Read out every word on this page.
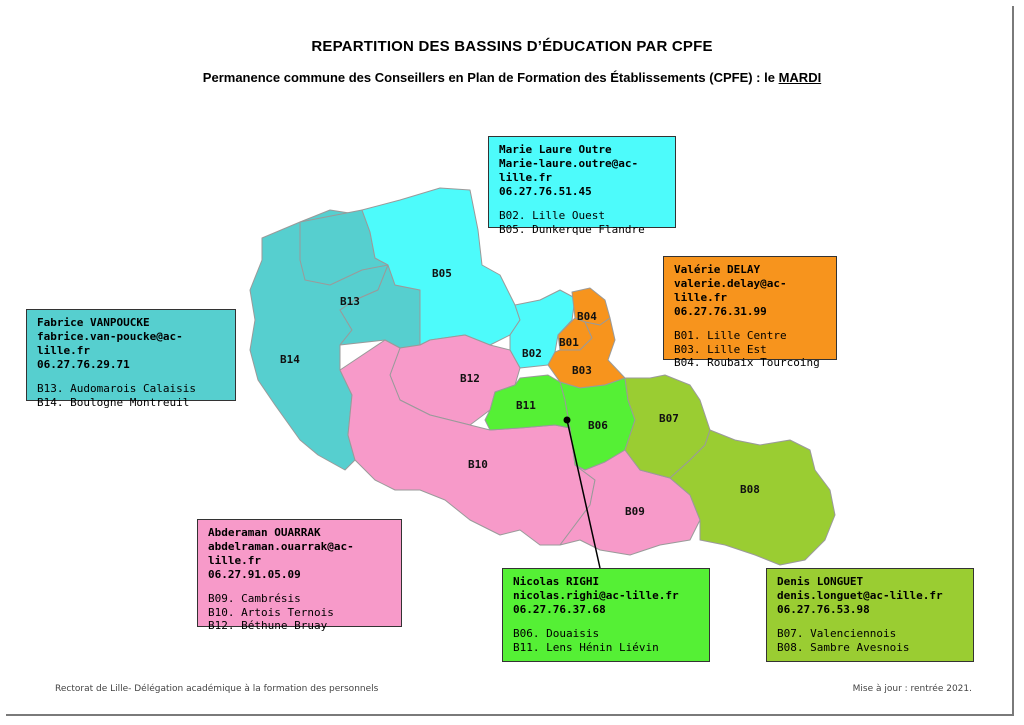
REPARTITION DES BASSINS D’ÉDUCATION PAR CPFE
Permanence commune des Conseillers en Plan de Formation des Établissements (CPFE) : le MARDI
B05
B13
B14
B04
B01
B02
B03
B12
B11
B06
B07
B10
B08
B09
Marie Laure Outre
Marie-laure.outre@ac-lille.fr
06.27.76.51.45
B02. Lille Ouest
B05. Dunkerque Flandre
Valérie DELAY
valerie.delay@ac-lille.fr
06.27.76.31.99
B01. Lille Centre
B03. Lille Est
B04. Roubaix Tourcoing
Fabrice VANPOUCKE
fabrice.van-poucke@ac-lille.fr
06.27.76.29.71
B13. Audomarois Calaisis
B14. Boulogne Montreuil
Abderaman OUARRAK
abdelraman.ouarrak@ac-lille.fr
06.27.91.05.09
B09. Cambrésis
B10. Artois Ternois
B12. Béthune Bruay
Nicolas RIGHI
nicolas.righi@ac-lille.fr
06.27.76.37.68
B06. Douaisis
B11. Lens Hénin Liévin
Denis LONGUET
denis.longuet@ac-lille.fr
06.27.76.53.98
B07. Valenciennois
B08. Sambre Avesnois
Rectorat de Lille- Délégation académique à la formation des personnels	Mise à jour : rentrée 2021.
